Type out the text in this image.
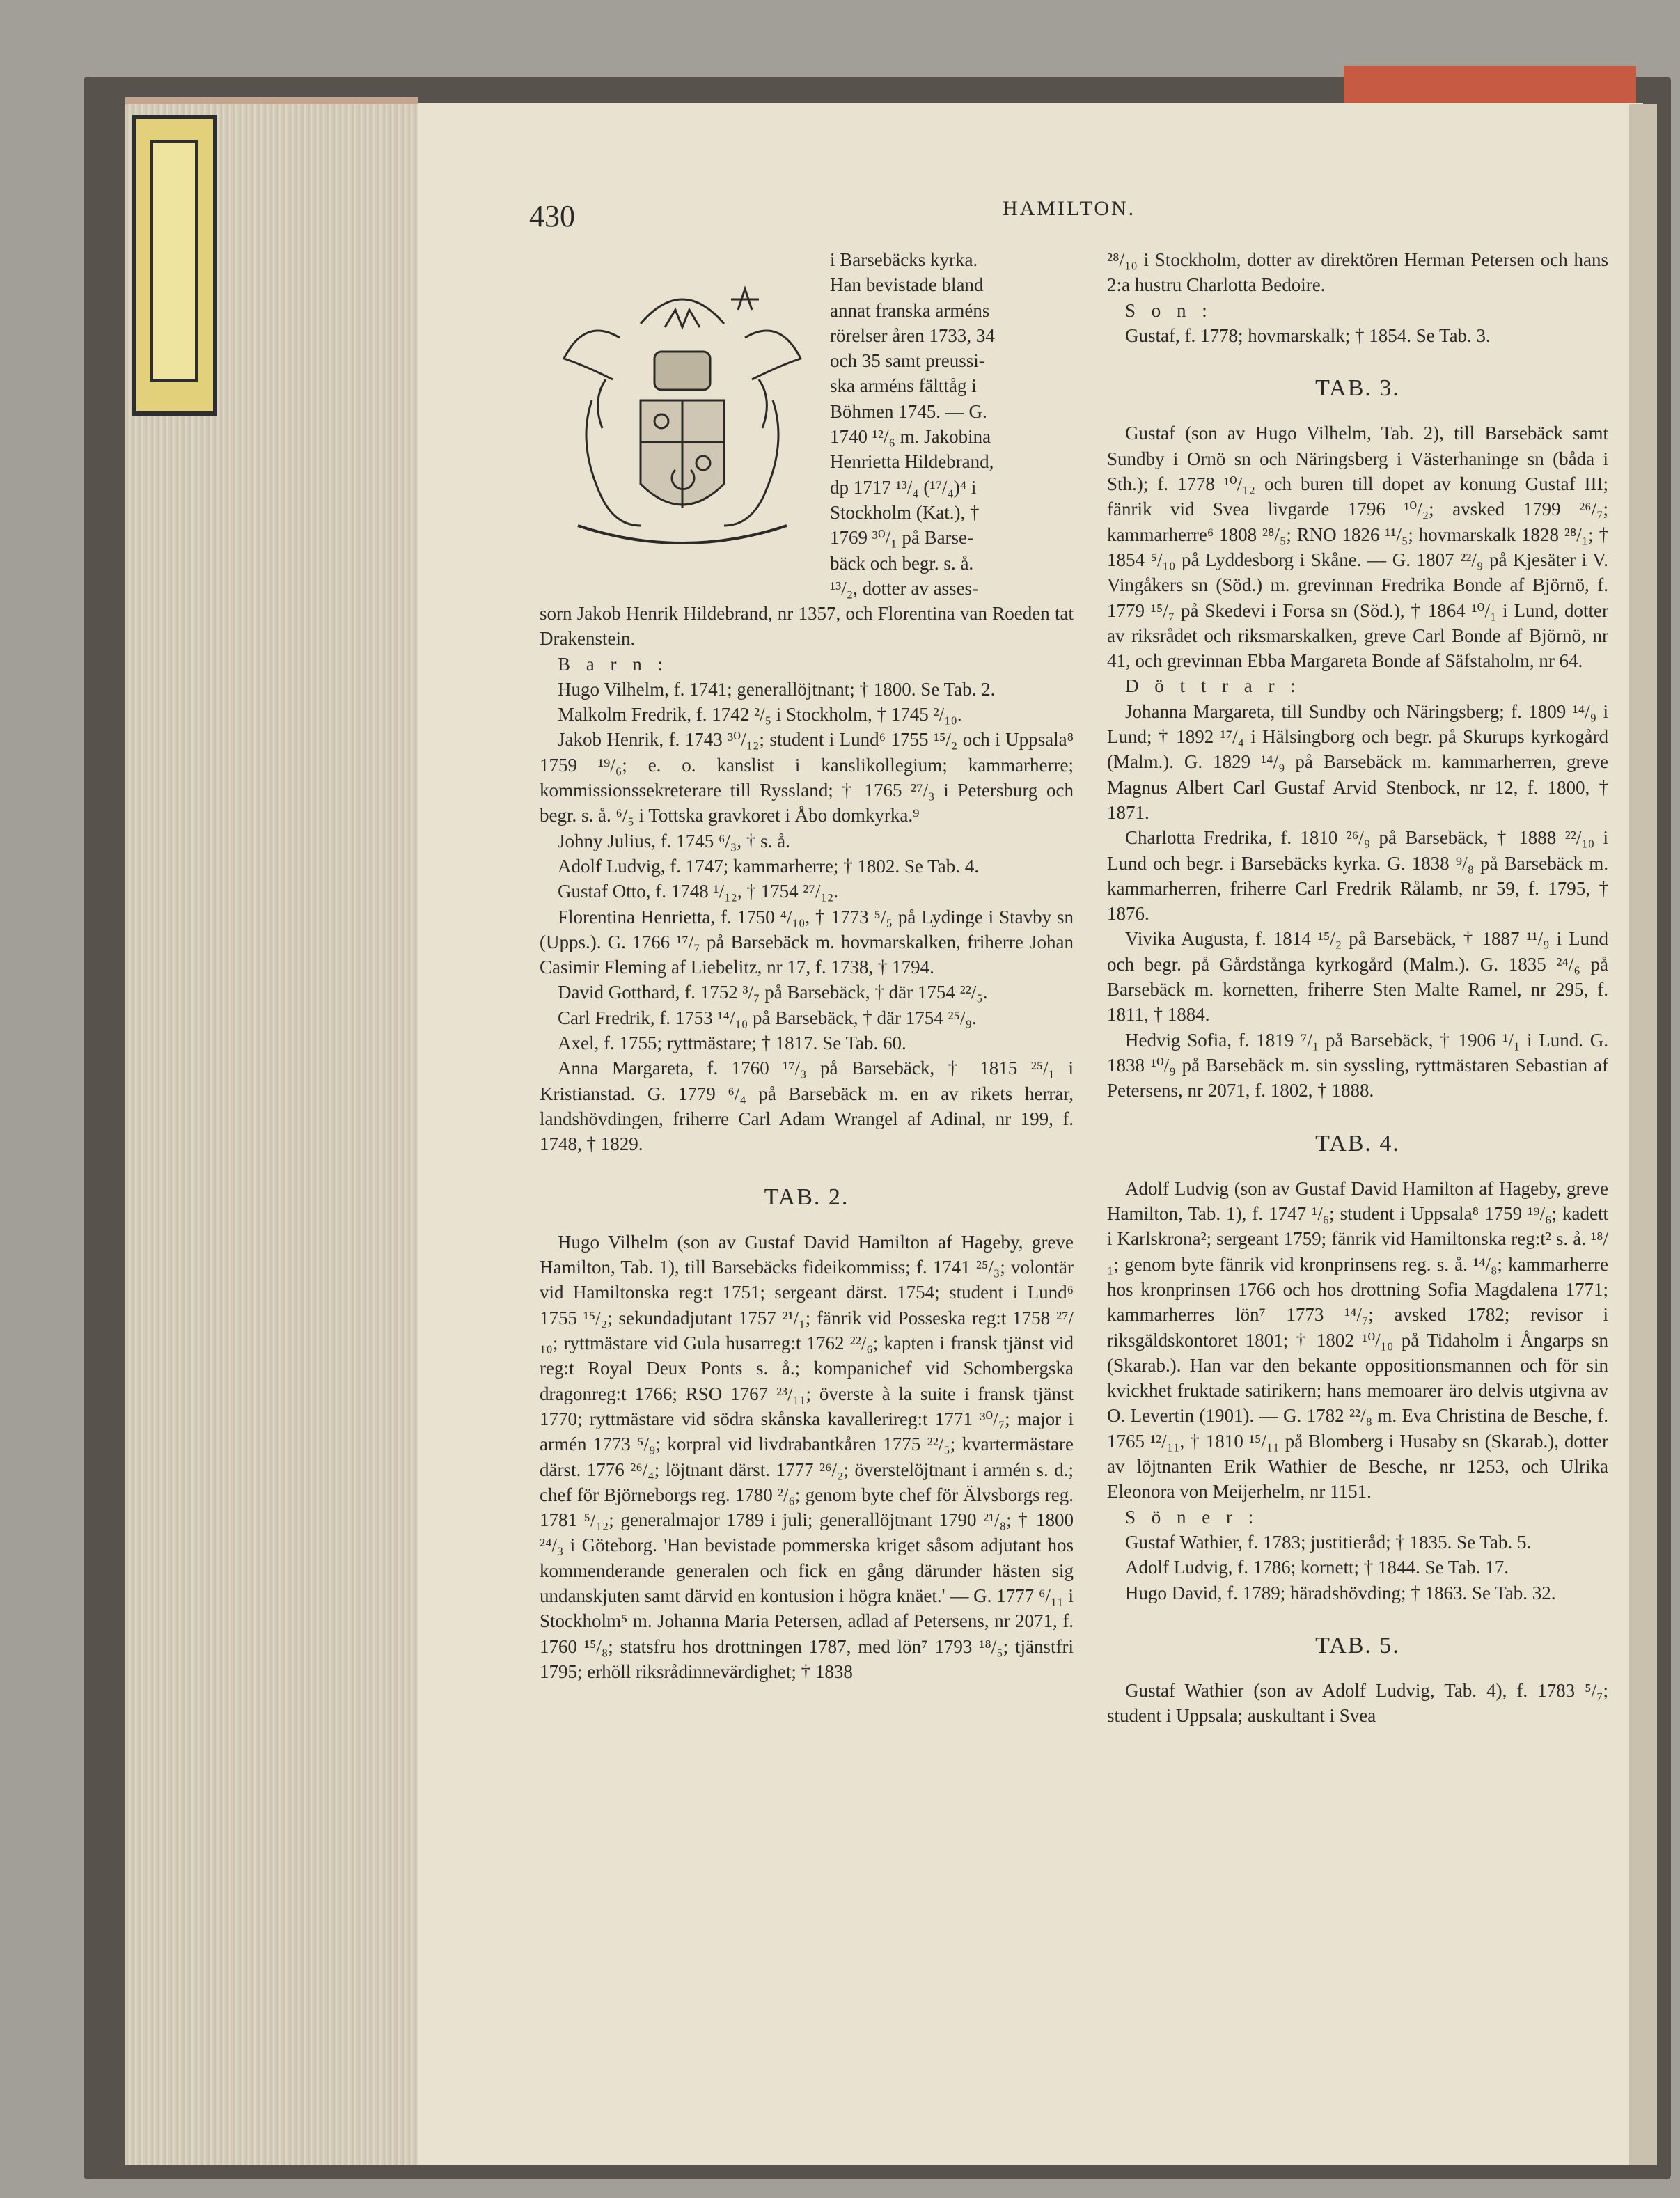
430	HAMILTON.

i Barsebäcks kyrka.

Han bevistade bland

annat franska arméns

rörelser åren 1733, 34

och 35 samt preussi-

ska arméns fälttåg i

Böhmen 1745. — G.

1740 ¹²/₆ m. Jakobina

Henrietta Hildebrand,

dp 1717 ¹³/₄ (¹⁷/₄)⁴ i

Stockholm (Kat.), †

1769 ³⁰/₁ på Barse-

bäck och begr. s. å.

¹³/₂, dotter av asses-

sorn Jakob Henrik Hildebrand, nr 1357, och Florentina van Roeden tat Drakenstein.

B a r n :

Hugo Vilhelm, f. 1741; generallöjtnant; † 1800. Se Tab. 2.

Malkolm Fredrik, f. 1742 ²/₅ i Stockholm, † 1745 ²/₁₀.

Jakob Henrik, f. 1743 ³⁰/₁₂; student i Lund⁶ 1755 ¹⁵/₂ och i Uppsala⁸ 1759 ¹⁹/₆; e. o. kanslist i kanslikollegium; kammarherre; kommissionssekreterare till Ryssland; † 1765 ²⁷/₃ i Petersburg och begr. s. å. ⁶/₅ i Tottska gravkoret i Åbo domkyrka.⁹

Johny Julius, f. 1745 ⁶/₃, † s. å.

Adolf Ludvig, f. 1747; kammarherre; † 1802. Se Tab. 4.

Gustaf Otto, f. 1748 ¹/₁₂, † 1754 ²⁷/₁₂.

Florentina Henrietta, f. 1750 ⁴/₁₀, † 1773 ⁵/₅ på Lydinge i Stavby sn (Upps.). G. 1766 ¹⁷/₇ på Barsebäck m. hovmarskalken, friherre Johan Casimir Fleming af Liebelitz, nr 17, f. 1738, † 1794.

David Gotthard, f. 1752 ³/₇ på Barsebäck, † där 1754 ²²/₅.

Carl Fredrik, f. 1753 ¹⁴/₁₀ på Barsebäck, † där 1754 ²⁵/₉.

Axel, f. 1755; ryttmästare; † 1817. Se Tab. 60.

Anna Margareta, f. 1760 ¹⁷/₃ på Barsebäck, † 1815 ²⁵/₁ i Kristianstad. G. 1779 ⁶/₄ på Barsebäck m. en av rikets herrar, landshövdingen, friherre Carl Adam Wrangel af Adinal, nr 199, f. 1748, † 1829.

TAB. 2.

Hugo Vilhelm (son av Gustaf David Hamilton af Hageby, greve Hamilton, Tab. 1), till Barsebäcks fideikommiss; f. 1741 ²⁵/₃; volontär vid Hamiltonska reg:t 1751; sergeant därst. 1754; student i Lund⁶ 1755 ¹⁵/₂; sekundadjutant 1757 ²¹/₁; fänrik vid Posseska reg:t 1758 ²⁷/₁₀; ryttmästare vid Gula husarreg:t 1762 ²²/₆; kapten i fransk tjänst vid reg:t Royal Deux Ponts s. å.; kompanichef vid Schombergska dragonreg:t 1766; RSO 1767 ²³/₁₁; överste à la suite i fransk tjänst 1770; ryttmästare vid södra skånska kavallerireg:t 1771 ³⁰/₇; major i armén 1773 ⁵/₉; korpral vid livdrabantkåren 1775 ²²/₅; kvartermästare därst. 1776 ²⁶/₄; löjtnant därst. 1777 ²⁶/₂; överstelöjtnant i armén s. d.; chef för Björneborgs reg. 1780 ²/₆; genom byte chef för Älvsborgs reg. 1781 ⁵/₁₂; generalmajor 1789 i juli; generallöjtnant 1790 ²¹/₈; † 1800 ²⁴/₃ i Göteborg. 'Han bevistade pommerska kriget såsom adjutant hos kommenderande generalen och fick en gång därunder hästen sig undanskjuten samt därvid en kontusion i högra knäet.' — G. 1777 ⁶/₁₁ i Stockholm⁵ m. Johanna Maria Petersen, adlad af Petersens, nr 2071, f. 1760 ¹⁵/₈; statsfru hos drottningen 1787, med lön⁷ 1793 ¹⁸/₅; tjänstfri 1795; erhöll riksrådinnevärdighet; † 1838

²⁸/₁₀ i Stockholm, dotter av direktören Herman Petersen och hans 2:a hustru Charlotta Bedoire.

S o n :

Gustaf, f. 1778; hovmarskalk; † 1854. Se Tab. 3.

TAB. 3.

Gustaf (son av Hugo Vilhelm, Tab. 2), till Barsebäck samt Sundby i Ornö sn och Näringsberg i Västerhaninge sn (båda i Sth.); f. 1778 ¹⁰/₁₂ och buren till dopet av konung Gustaf III; fänrik vid Svea livgarde 1796 ¹⁰/₂; avsked 1799 ²⁶/₇; kammarherre⁶ 1808 ²⁸/₅; RNO 1826 ¹¹/₅; hovmarskalk 1828 ²⁸/₁; † 1854 ⁵/₁₀ på Lyddesborg i Skåne. — G. 1807 ²²/₉ på Kjesäter i V. Vingåkers sn (Söd.) m. grevinnan Fredrika Bonde af Björnö, f. 1779 ¹⁵/₇ på Skedevi i Forsa sn (Söd.), † 1864 ¹⁰/₁ i Lund, dotter av riksrådet och riksmarskalken, greve Carl Bonde af Björnö, nr 41, och grevinnan Ebba Margareta Bonde af Säfstaholm, nr 64.

D ö t t r a r :

Johanna Margareta, till Sundby och Näringsberg; f. 1809 ¹⁴/₉ i Lund; † 1892 ¹⁷/₄ i Hälsingborg och begr. på Skurups kyrkogård (Malm.). G. 1829 ¹⁴/₉ på Barsebäck m. kammarherren, greve Magnus Albert Carl Gustaf Arvid Stenbock, nr 12, f. 1800, † 1871.

Charlotta Fredrika, f. 1810 ²⁶/₉ på Barsebäck, † 1888 ²²/₁₀ i Lund och begr. i Barsebäcks kyrka. G. 1838 ⁹/₈ på Barsebäck m. kammarherren, friherre Carl Fredrik Rålamb, nr 59, f. 1795, † 1876.

Vivika Augusta, f. 1814 ¹⁵/₂ på Barsebäck, † 1887 ¹¹/₉ i Lund och begr. på Gårdstånga kyrkogård (Malm.). G. 1835 ²⁴/₆ på Barsebäck m. kornetten, friherre Sten Malte Ramel, nr 295, f. 1811, † 1884.

Hedvig Sofia, f. 1819 ⁷/₁ på Barsebäck, † 1906 ¹/₁ i Lund. G. 1838 ¹⁰/₉ på Barsebäck m. sin syssling, ryttmästaren Sebastian af Petersens, nr 2071, f. 1802, † 1888.

TAB. 4.

Adolf Ludvig (son av Gustaf David Hamilton af Hageby, greve Hamilton, Tab. 1), f. 1747 ¹/₆; student i Uppsala⁸ 1759 ¹⁹/₆; kadett i Karlskrona²; sergeant 1759; fänrik vid Hamiltonska reg:t² s. å. ¹⁸/₁; genom byte fänrik vid kronprinsens reg. s. å. ¹⁴/₈; kammarherre hos kronprinsen 1766 och hos drottning Sofia Magdalena 1771; kammarherres lön⁷ 1773 ¹⁴/₇; avsked 1782; revisor i riksgäldskontoret 1801; † 1802 ¹⁰/₁₀ på Tidaholm i Ångarps sn (Skarab.). Han var den bekante oppositionsmannen och för sin kvickhet fruktade satirikern; hans memoarer äro delvis utgivna av O. Levertin (1901). — G. 1782 ²²/₈ m. Eva Christina de Besche, f. 1765 ¹²/₁₁, † 1810 ¹⁵/₁₁ på Blomberg i Husaby sn (Skarab.), dotter av löjtnanten Erik Wathier de Besche, nr 1253, och Ulrika Eleonora von Meijerhelm, nr 1151.

S ö n e r :

Gustaf Wathier, f. 1783; justitieråd; † 1835. Se Tab. 5.

Adolf Ludvig, f. 1786; kornett; † 1844. Se Tab. 17.

Hugo David, f. 1789; häradshövding; † 1863. Se Tab. 32.

TAB. 5.

Gustaf Wathier (son av Adolf Ludvig, Tab. 4), f. 1783 ⁵/₇; student i Uppsala; auskultant i Svea
